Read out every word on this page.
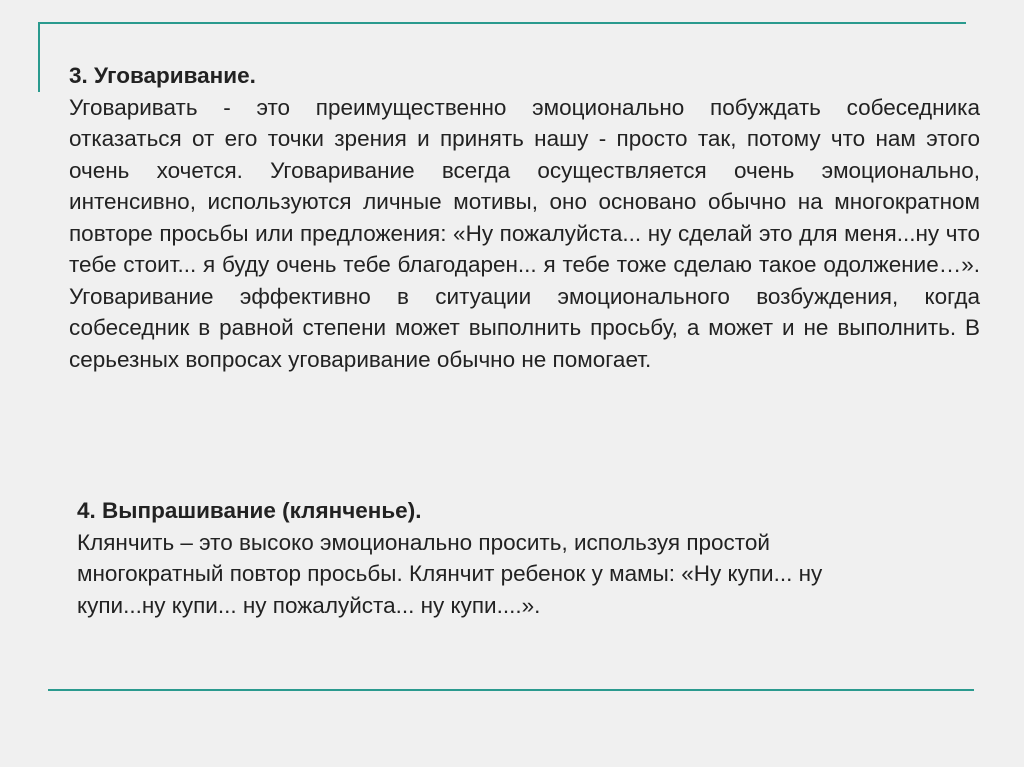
3. Уговаривание.
Уговаривать - это преимущественно эмоционально побуждать собеседника отказаться от его точки зрения и принять нашу - просто так, потому что нам этого очень хочется. Уговаривание всегда осуществляется очень эмоционально, интенсивно, используются личные мотивы, оно основано обычно на многократном повторе просьбы или предложения: «Ну пожалуйста... ну сделай это для меня...ну что тебе стоит... я буду очень тебе благодарен... я тебе тоже сделаю такое одолжение…». Уговаривание эффективно в ситуации эмоционального возбуждения, когда собеседник в равной степени может выполнить просьбу, а может и не выполнить. В серьезных вопросах уговаривание обычно не помогает.
4. Выпрашивание (клянченье).
Клянчить – это высоко эмоционально просить, используя простой многократный повтор просьбы. Клянчит ребенок у мамы: «Ну купи... ну купи...ну купи... ну пожалуйста... ну купи....».
